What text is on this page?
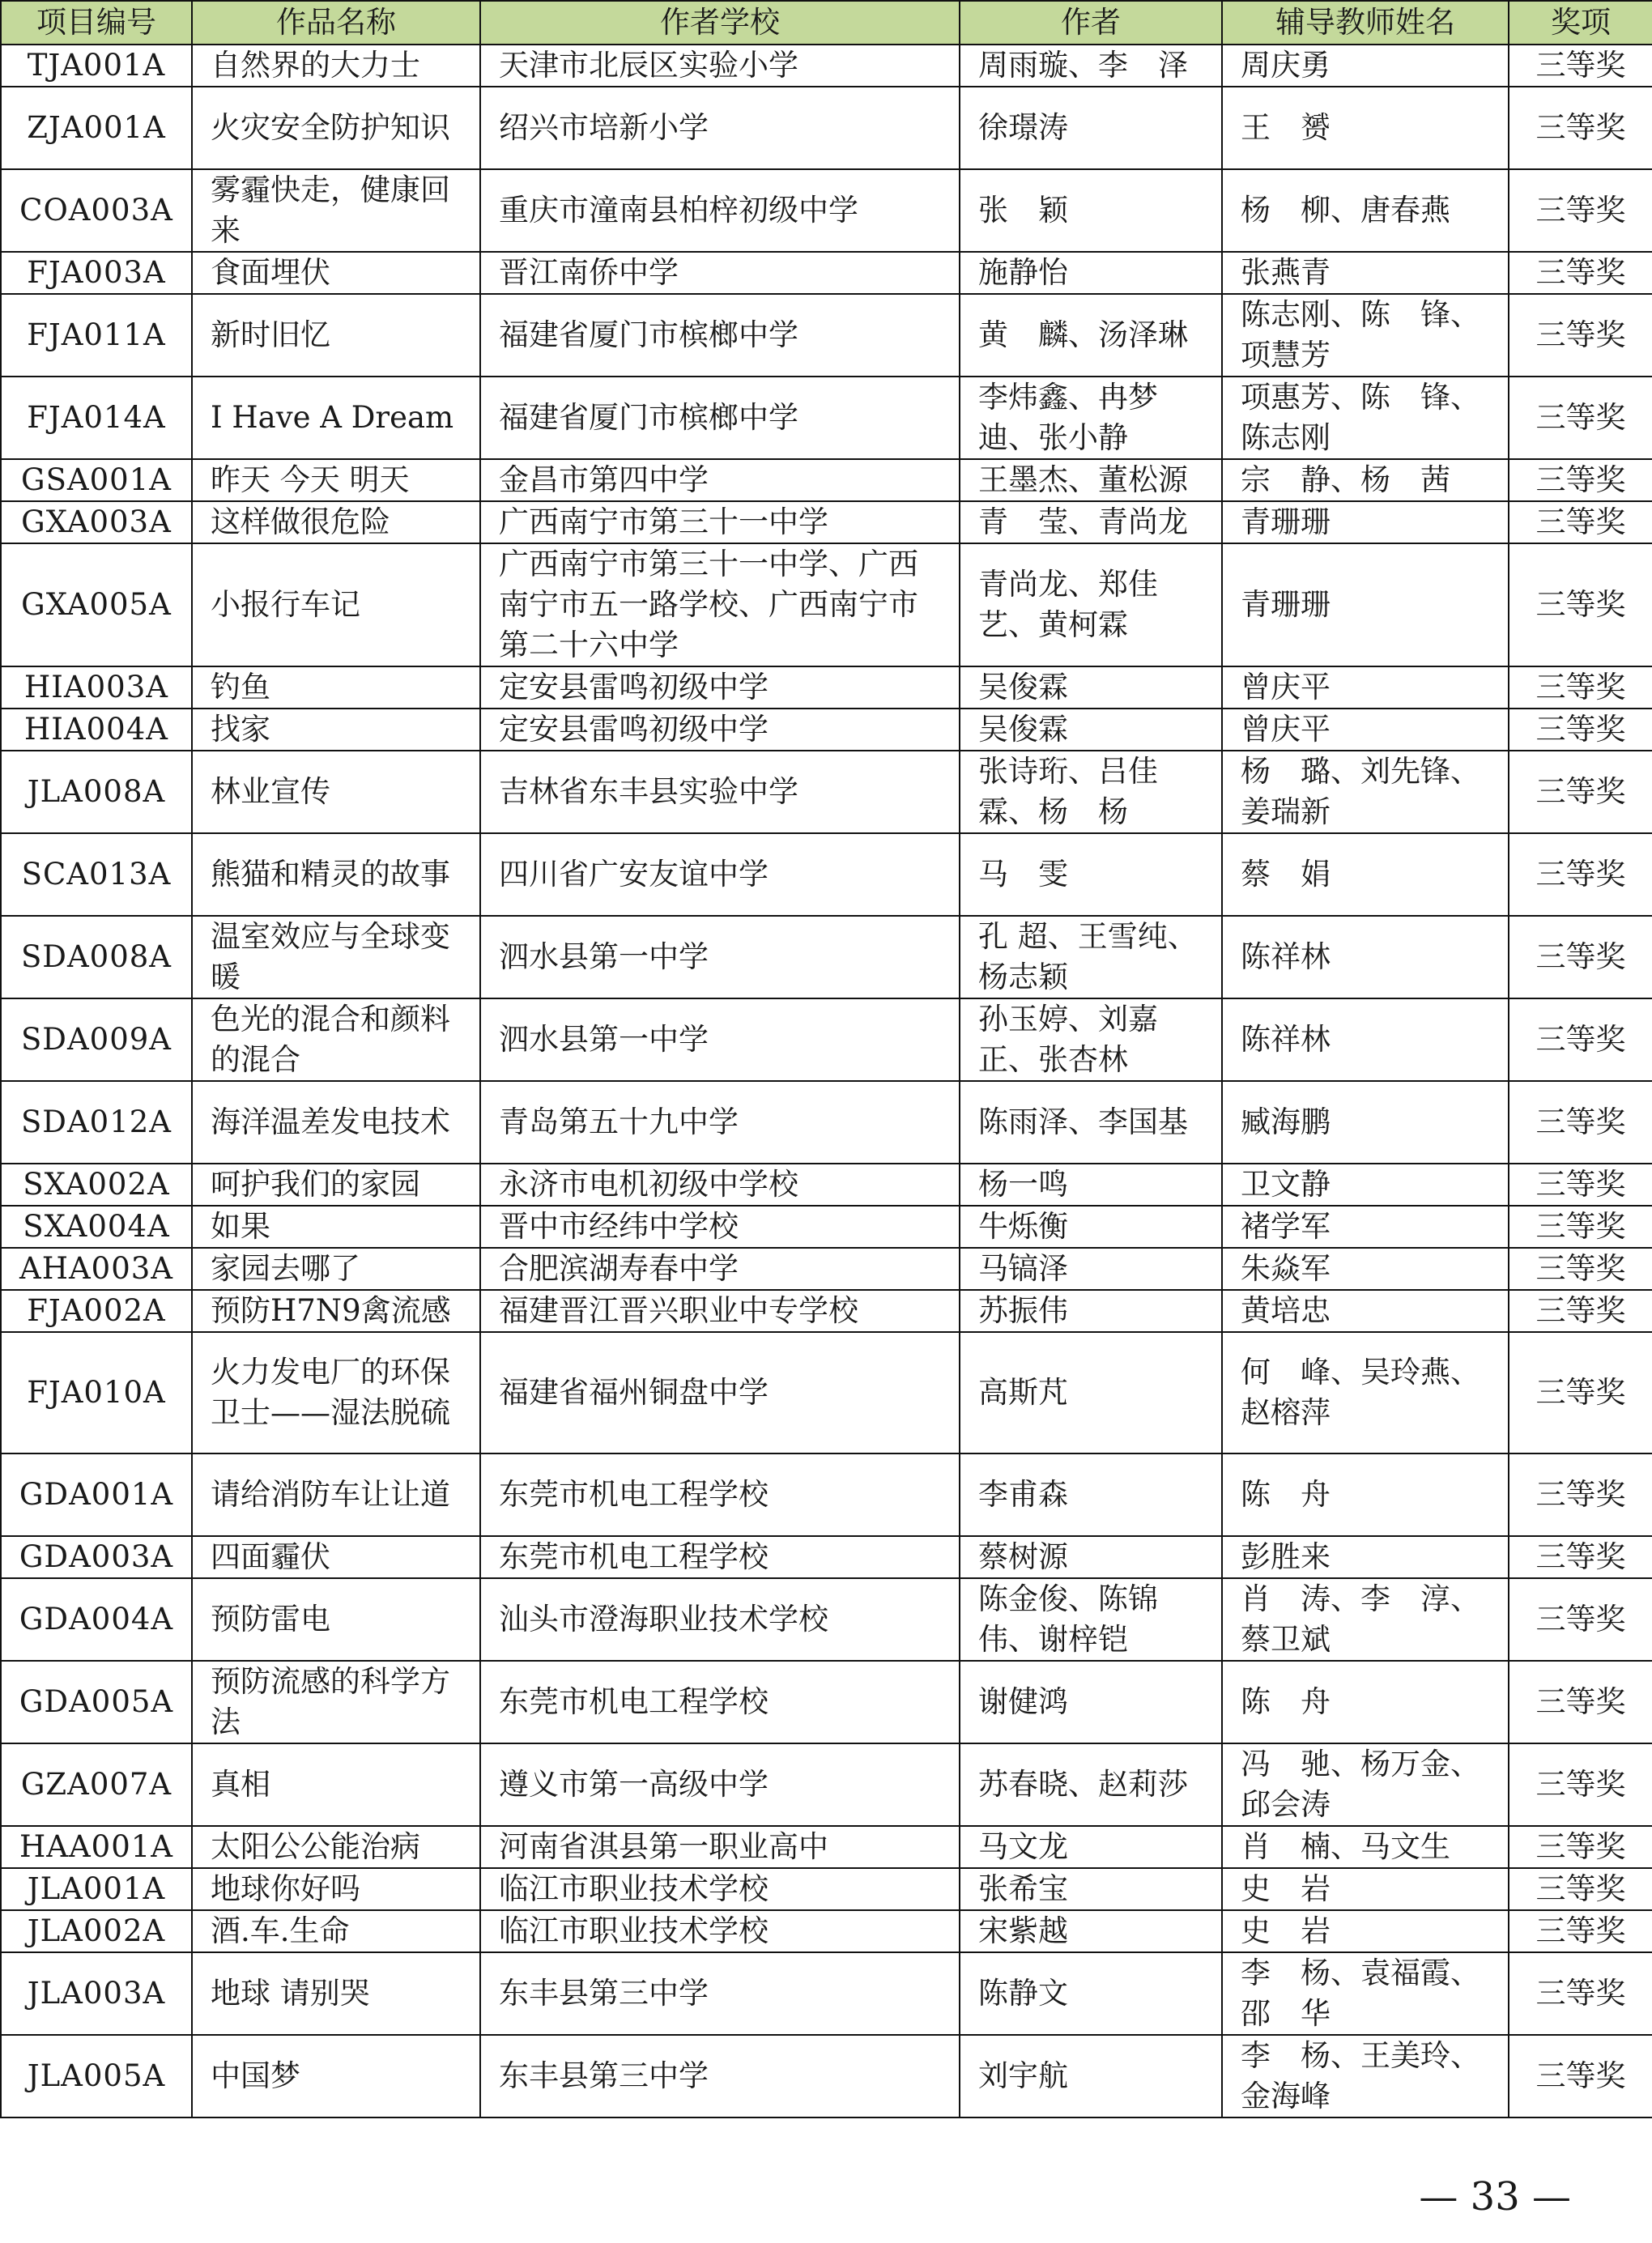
项目编号	作品名称	作者学校	作者	辅导教师姓名	奖项
TJA001A	自然界的大力士	天津市北辰区实验小学	周雨璇、李　泽	周庆勇	三等奖
ZJA001A	火灾安全防护知识	绍兴市培新小学	徐璟涛	王　赟	三等奖
COA003A	雾霾快走，健康回来	重庆市潼南县柏梓初级中学	张　颖	杨　柳、唐春燕	三等奖
FJA003A	食面埋伏	晋江南侨中学	施静怡	张燕青	三等奖
FJA011A	新时旧忆	福建省厦门市槟榔中学	黄　麟、汤泽琳	陈志刚、陈　锋、项慧芳	三等奖
FJA014A	I Have A Dream	福建省厦门市槟榔中学	李炜鑫、冉梦迪、张小静	项惠芳、陈　锋、陈志刚	三等奖
GSA001A	昨天 今天 明天	金昌市第四中学	王墨杰、董松源	宗　静、杨　茜	三等奖
GXA003A	这样做很危险	广西南宁市第三十一中学	青　莹、青尚龙	青珊珊	三等奖
GXA005A	小报行车记	广西南宁市第三十一中学、广西南宁市五一路学校、广西南宁市第二十六中学	青尚龙、郑佳艺、黄柯霖	青珊珊	三等奖
HIA003A	钓鱼	定安县雷鸣初级中学	吴俊霖	曾庆平	三等奖
HIA004A	找家	定安县雷鸣初级中学	吴俊霖	曾庆平	三等奖
JLA008A	林业宣传	吉林省东丰县实验中学	张诗珩、吕佳霖、杨　杨	杨　璐、刘先锋、姜瑞新	三等奖
SCA013A	熊猫和精灵的故事	四川省广安友谊中学	马　雯	蔡　娟	三等奖
SDA008A	温室效应与全球变暖	泗水县第一中学	孔 超、王雪纯、杨志颖	陈祥林	三等奖
SDA009A	色光的混合和颜料的混合	泗水县第一中学	孙玉婷、刘嘉正、张杏林	陈祥林	三等奖
SDA012A	海洋温差发电技术	青岛第五十九中学	陈雨泽、李国基	臧海鹏	三等奖
SXA002A	呵护我们的家园	永济市电机初级中学校	杨一鸣	卫文静	三等奖
SXA004A	如果	晋中市经纬中学校	牛烁衡	褚学军	三等奖
AHA003A	家园去哪了	合肥滨湖寿春中学	马镐泽	朱焱军	三等奖
FJA002A	预防H7N9禽流感	福建晋江晋兴职业中专学校	苏振伟	黄培忠	三等奖
FJA010A	火力发电厂的环保卫士——湿法脱硫	福建省福州铜盘中学	高斯芃	何　峰、吴玲燕、赵榕萍	三等奖
GDA001A	请给消防车让让道	东莞市机电工程学校	李甫森	陈　舟	三等奖
GDA003A	四面霾伏	东莞市机电工程学校	蔡树源	彭胜来	三等奖
GDA004A	预防雷电	汕头市澄海职业技术学校	陈金俊、陈锦伟、谢梓铠	肖　涛、李　淳、蔡卫斌	三等奖
GDA005A	预防流感的科学方法	东莞市机电工程学校	谢健鸿	陈　舟	三等奖
GZA007A	真相	遵义市第一高级中学	苏春晓、赵莉莎	冯　驰、杨万金、邱会涛	三等奖
HAA001A	太阳公公能治病	河南省淇县第一职业高中	马文龙	肖　楠、马文生	三等奖
JLA001A	地球你好吗	临江市职业技术学校	张希宝	史　岩	三等奖
JLA002A	酒.车.生命	临江市职业技术学校	宋紫越	史　岩	三等奖
JLA003A	地球 请别哭	东丰县第三中学	陈静文	李　杨、袁福霞、邵　华	三等奖
JLA005A	中国梦	东丰县第三中学	刘宇航	李　杨、王美玲、金海峰	三等奖
— 33 —
